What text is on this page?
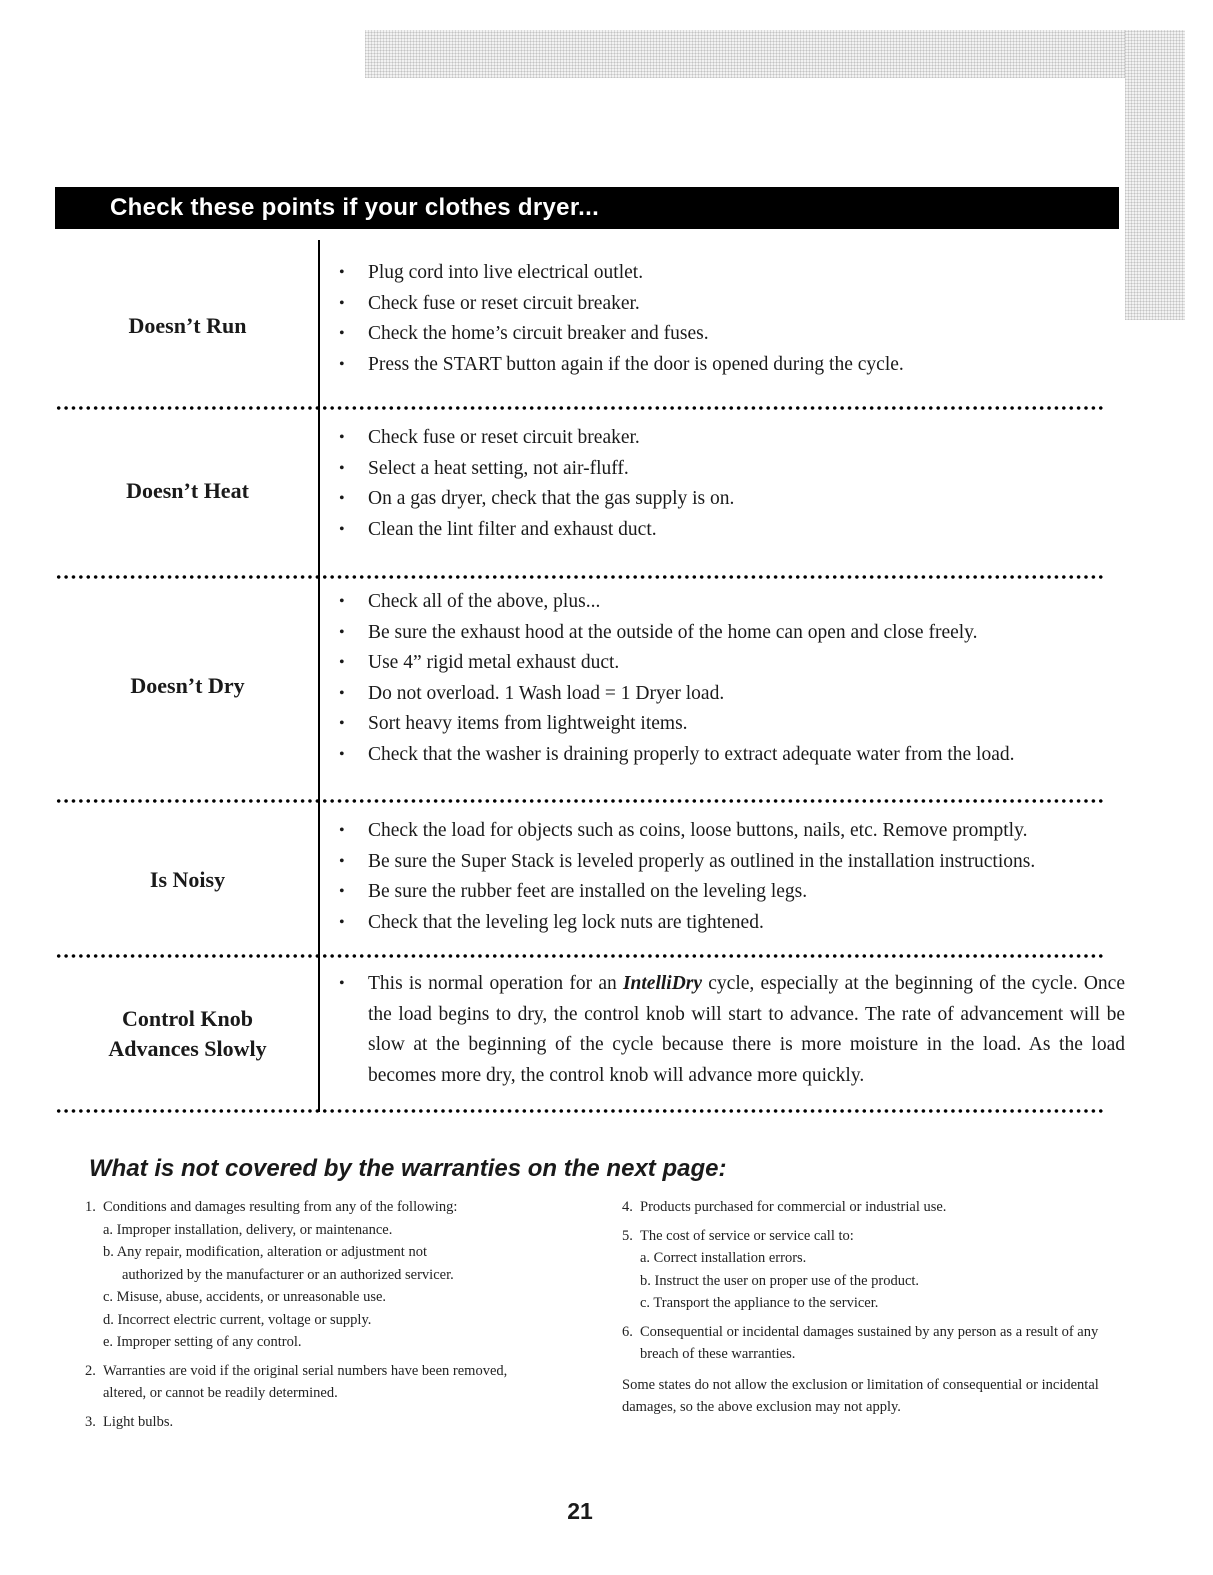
Check these points if your clothes dryer...
Doesn’t Run
• Plug cord into live electrical outlet.
• Check fuse or reset circuit breaker.
• Check the home’s circuit breaker and fuses.
• Press the START button again if the door is opened during the cycle.
Doesn’t Heat
• Check fuse or reset circuit breaker.
• Select a heat setting, not air-fluff.
• On a gas dryer, check that the gas supply is on.
• Clean the lint filter and exhaust duct.
Doesn’t Dry
• Check all of the above, plus...
• Be sure the exhaust hood at the outside of the home can open and close freely.
• Use 4” rigid metal exhaust duct.
• Do not overload. 1 Wash load = 1 Dryer load.
• Sort heavy items from lightweight items.
• Check that the washer is draining properly to extract adequate water from the load.
Is Noisy
• Check the load for objects such as coins, loose buttons, nails, etc. Remove promptly.
• Be sure the Super Stack is leveled properly as outlined in the installation instructions.
• Be sure the rubber feet are installed on the leveling legs.
• Check that the leveling leg lock nuts are tightened.
Control Knob
Advances Slowly
• This is normal operation for an IntelliDry cycle, especially at the beginning of the cycle. Once the load begins to dry, the control knob will start to advance. The rate of advancement will be slow at the beginning of the cycle because there is more moisture in the load. As the load becomes more dry, the control knob will advance more quickly.
What is not covered by the warranties on the next page:
1. Conditions and damages resulting from any of the following:
a. Improper installation, delivery, or maintenance.
b. Any repair, modification, alteration or adjustment not
authorized by the manufacturer or an authorized servicer.
c. Misuse, abuse, accidents, or unreasonable use.
d. Incorrect electric current, voltage or supply.
e. Improper setting of any control.
2. Warranties are void if the original serial numbers have been removed, altered, or cannot be readily determined.
3. Light bulbs.
4. Products purchased for commercial or industrial use.
5. The cost of service or service call to:
a. Correct installation errors.
b. Instruct the user on proper use of the product.
c. Transport the appliance to the servicer.
6. Consequential or incidental damages sustained by any person as a result of any breach of these warranties.

Some states do not allow the exclusion or limitation of consequential or incidental damages, so the above exclusion may not apply.

21
